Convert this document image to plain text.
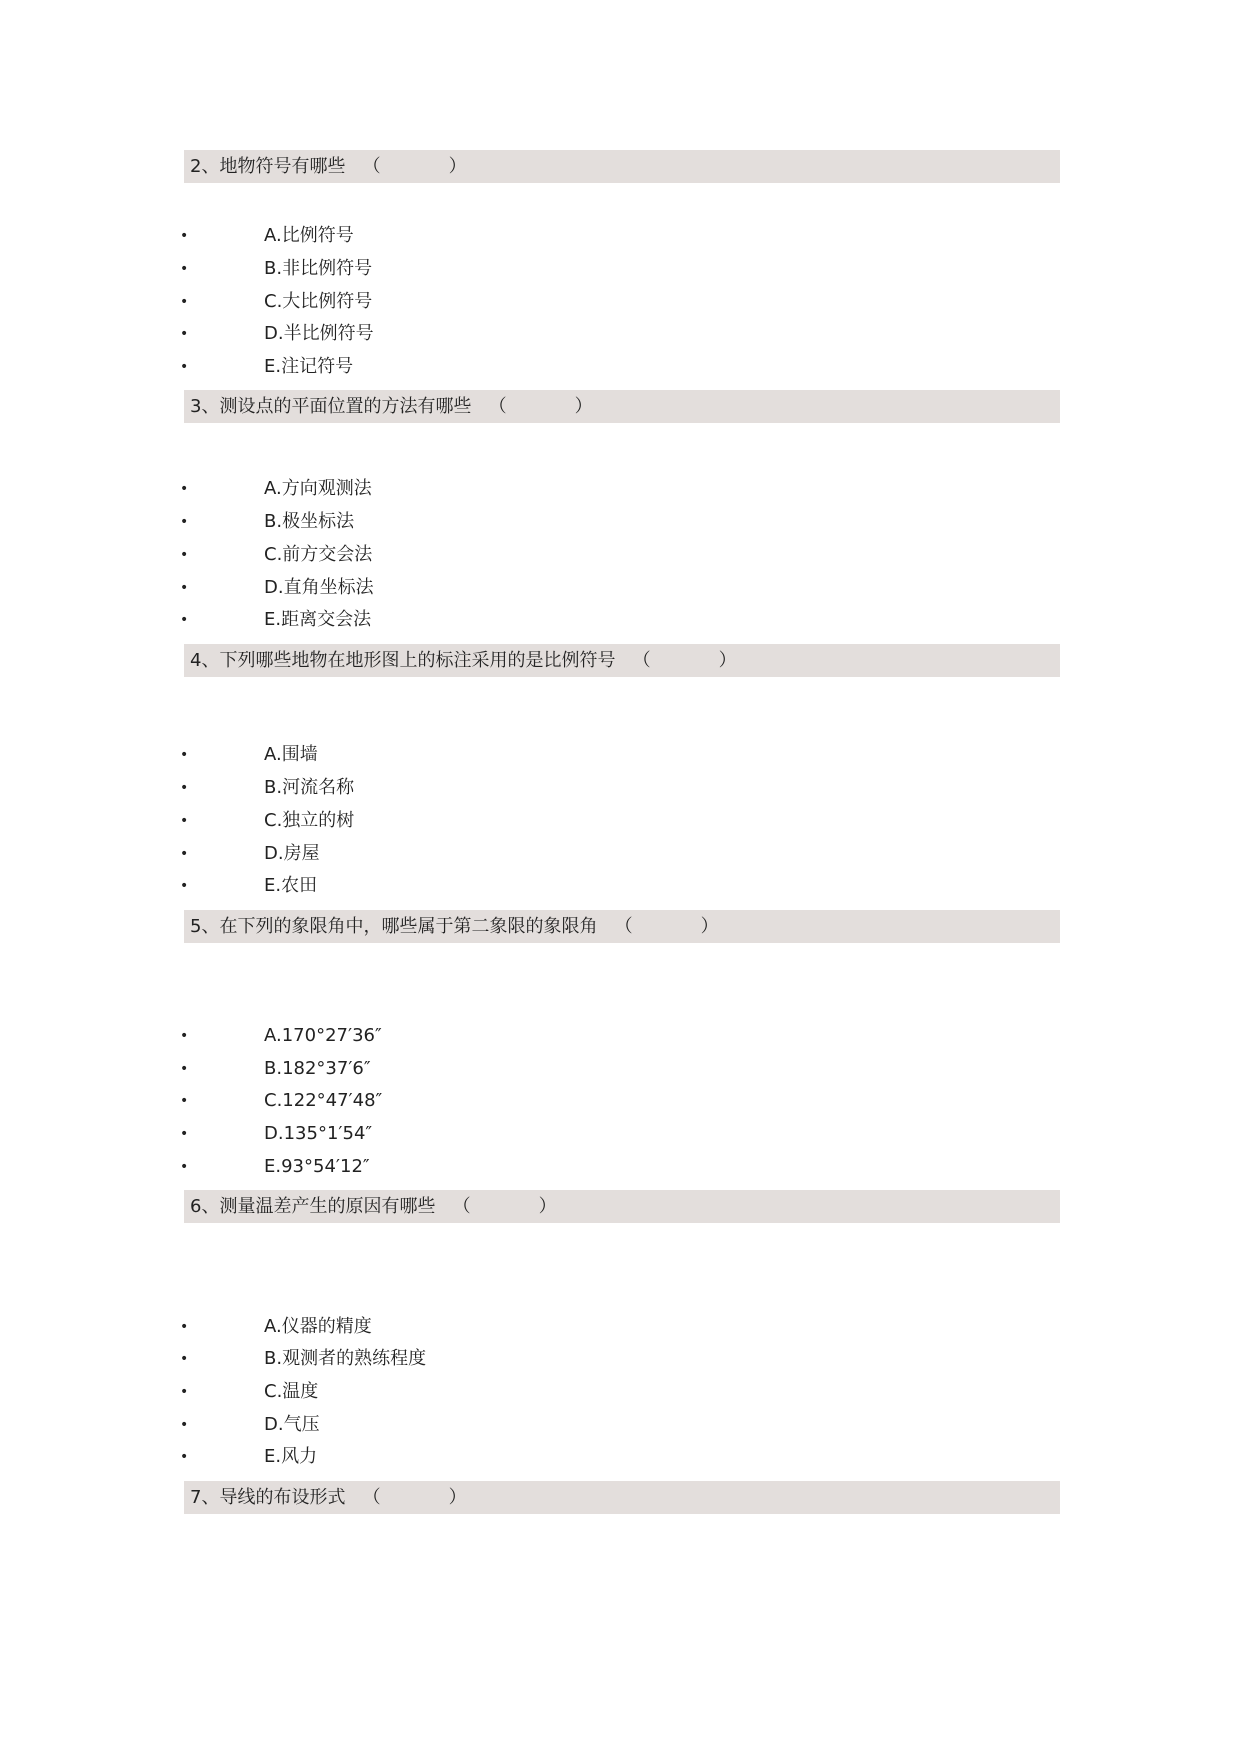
2、地物符号有哪些 （	）
•	A.比例符号
•	B.非比例符号
•	C.大比例符号
•	D.半比例符号
•	E.注记符号
3、测设点的平面位置的方法有哪些 （	）
•	A.方向观测法
•	B.极坐标法
•	C.前方交会法
•	D.直角坐标法
•	E.距离交会法
4、下列哪些地物在地形图上的标注采用的是比例符号 （	）
•	A.围墙
•	B.河流名称
•	C.独立的树
•	D.房屋
•	E.农田
5、在下列的象限角中，哪些属于第二象限的象限角 （	）
•	A.170°27′36″
•	B.182°37′6″
•	C.122°47′48″
•	D.135°1′54″
•	E.93°54′12″
6、测量温差产生的原因有哪些 （	）
•	A.仪器的精度
•	B.观测者的熟练程度
•	C.温度
•	D.气压
•	E.风力
7、导线的布设形式 （	）
